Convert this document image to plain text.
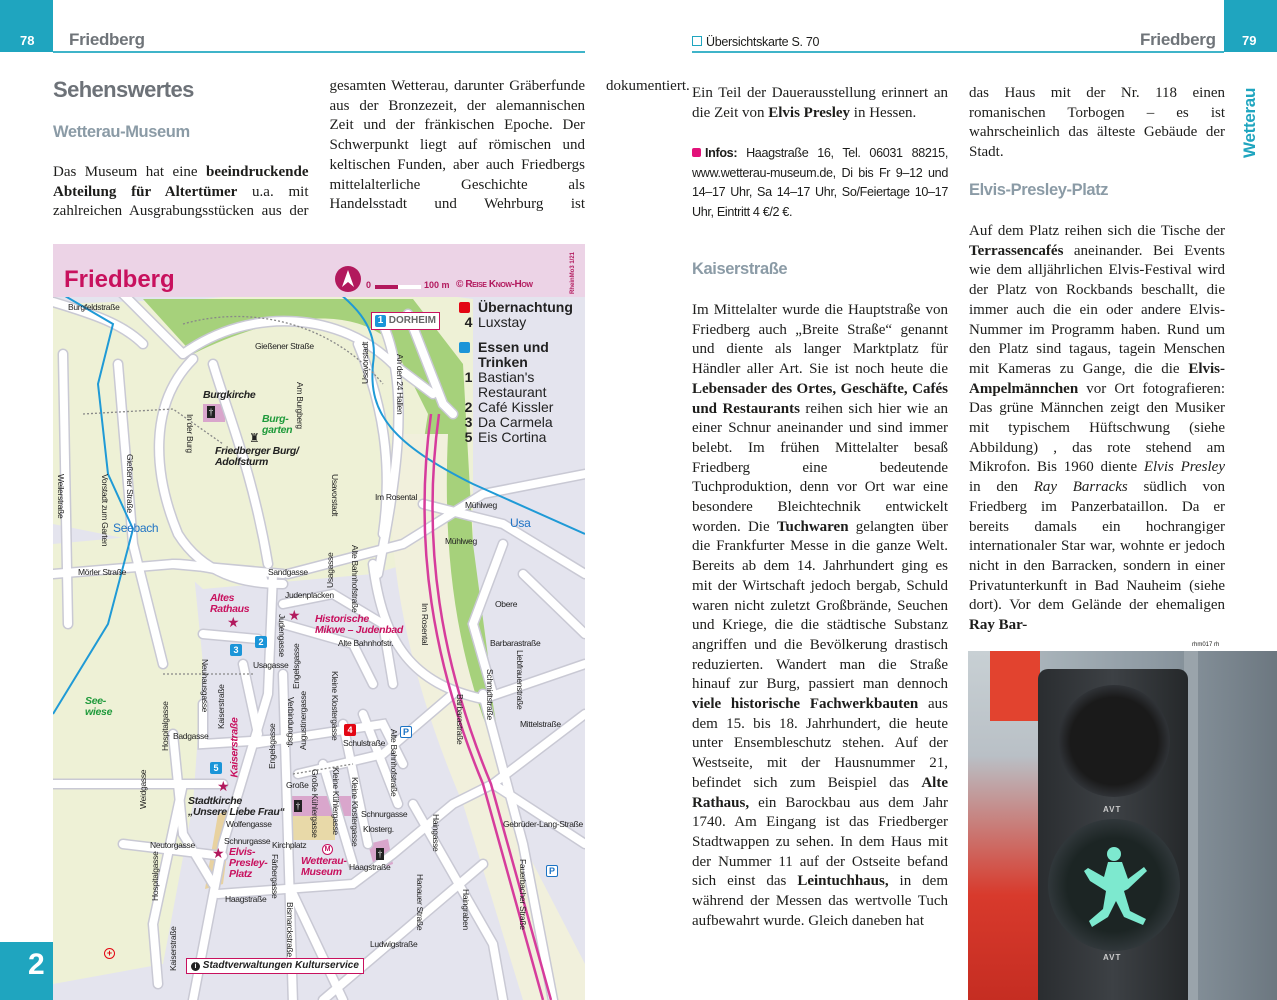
78 Friedberg
Sehenswertes
Wetterau-Museum
Das Museum hat eine beeindruckende Abteilung für Altertümer u.a. mit zahlreichen Ausgrabungsstücken aus der gesamten Wetterau, darunter Gräberfunde aus der Bronzezeit, der alemannischen Zeit und der fränkischen Epoche. Der Schwerpunkt liegt auf römischen und keltischen Funden, aber auch Friedbergs mittelalterliche Geschichte als Handelsstadt und Wehrburg ist dokumentiert.
Friedberg	0	100 m © Reise Know-How	RheinMo3 1/21
Übernachtung
4 Luxstay
Essen und Trinken
1 Bastian's Restaurant
2 Café Kissler
3 Da Carmela
5 Eis Cortina
1 DORHEIM
i Stadtverwaltungen Kulturservice
2
3
5
4	P
P
M
★	★
★
★
†
†
†
♜
+
Burgfeldstraße
Gießener Straße
Am Burgberg
Usavorstadt	An den 24 Hallen
In der Burg
Burgkirche
Burg-
garten
Friedberger Burg/
Adolfsturm
Weilerstraße	Vorstadt zum Garten Gießener Straße
Seebach
Mörler Straße
Usavorstadt	Im Rosental
Mühlweg
Usa
Mühlweg
Alte Bahnhofstraße
Sandgasse
Judenplacken
Usagasse
Historische
Mikwe – Judenbad
Altes
Rathaus
Judengasse	Alte Bahnhofstr.	Im Rosental	Obere
Barbarastraße
Liebfrauenstraße
Schmidtstraße
Barbarastraße	Mittelstraße
Usagasse
Neuhausgasse	Kleine Klostergasse
See-
wiese
Engelsgasse
Verbindungsg. Augustinergasse	Schulstraße Alte Bahnhofstraße
Badgasse
Hospitalgasse	Kaiserstraße	Engelsgasse
Große Kühlergasse Kleine Kühlergasse Kleine Klostergasse Klosterg.
Große
Stadtkirche
„Unsere Liebe Frau“
Wolfengasse
Kirchplatz
Schnurgasse
Schnurgasse
Haagstraße
Wetterau-
Museum
Elvis-
Presley-
Platz
Neutorgasse
Färbergasse
Hospitalgasse
Weidgasse
Haagstraße	Hanauer Straße	Haingraben
Haingasse
Bismarckstraße	Ludwigstraße
Kaiserstraße
Gebrüder-Lang-Straße
Fauerbacher Straße
Kaiserstraße
2
Übersichtskarte S. 70	Friedberg 79
Wetterau
Ein Teil der Dauerausstellung erinnert an die Zeit von Elvis Presley in Hessen.
Infos: Haagstraße 16, Tel. 06031 88215, www.wetterau-museum.de, Di bis Fr 9–12 und 14–17 Uhr, Sa 14–17 Uhr, So/Feiertage 10–17 Uhr, Eintritt 4 €/2 €.
Kaiserstraße
Im Mittelalter wurde die Hauptstraße von Friedberg auch „Breite Straße“ genannt und diente als langer Marktplatz für Händler aller Art. Sie ist noch heute die Lebensader des Ortes, Geschäfte, Cafés und Restaurants reihen sich hier wie an einer Schnur aneinander und sind immer belebt. Im frühen Mittelalter besaß Friedberg eine bedeutende Tuchproduktion, denn vor Ort war eine besondere Bleichtechnik entwickelt worden. Die Tuchwaren gelangten über die Frankfurter Messe in die ganze Welt. Bereits ab dem 14. Jahrhundert ging es mit der Wirtschaft jedoch bergab, Schuld waren nicht zuletzt Großbrände, Seuchen und Kriege, die die städtische Substanz angriffen und die Bevölkerung drastisch reduzierten. Wandert man die Straße hinauf zur Burg, passiert man dennoch viele historische Fachwerkbauten aus dem 15. bis 18. Jahrhundert, die heute unter Ensembleschutz stehen. Auf der Westseite, mit der Hausnummer 21, befindet sich zum Beispiel das Alte Rathaus, ein Barockbau aus dem Jahr 1740. Am Eingang ist das Friedberger Stadtwappen zu sehen. In dem Haus mit der Nummer 11 auf der Ostseite befand sich einst das Leintuchhaus, in dem während der Messen das wertvolle Tuch aufbewahrt wurde. Gleich daneben hat
das Haus mit der Nr. 118 einen romanischen Torbogen – es ist wahrscheinlich das älteste Gebäude der Stadt.
Elvis-Presley-Platz
Auf dem Platz reihen sich die Tische der Terrassencafés aneinander. Bei Events wie dem alljährlichen Elvis-Festival wird der Platz von Rockbands beschallt, die immer auch die ein oder andere Elvis-Nummer im Programm haben. Rund um den Platz sind tagaus, tagein Menschen mit Kameras zu Gange, die die Elvis-Ampelmännchen vor Ort fotografieren: Das grüne Männchen zeigt den Musiker mit typischem Hüftschwung (siehe Abbildung) , das rote stehend am Mikrofon. Bis 1960 diente Elvis Presley in den Ray Barracks südlich von Friedberg im Panzerbataillon. Da er bereits damals ein hochrangiger internationaler Star war, wohnte er jedoch nicht in den Barracken, sondern in einer Privatunterkunft in Bad Nauheim (siehe dort). Vor dem Gelände der ehemaligen Ray Bar-
rhm017 rh
AVT
AVT
